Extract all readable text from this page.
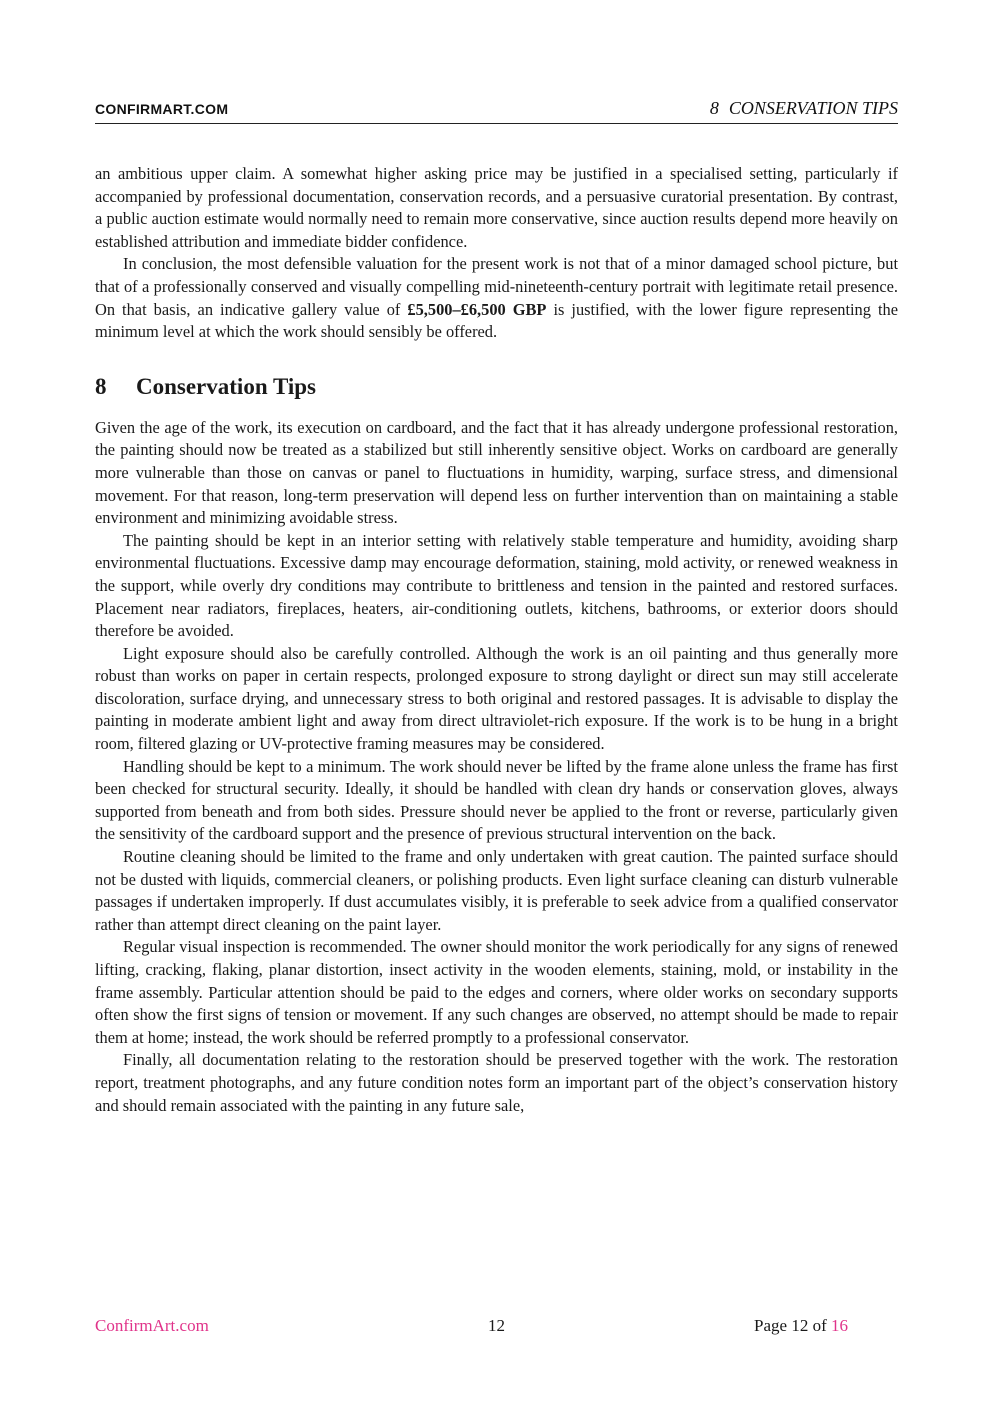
CONFIRMART.COM	8 CONSERVATION TIPS

an ambitious upper claim. A somewhat higher asking price may be justified in a specialised setting, particularly if accompanied by professional documentation, conservation records, and a persuasive curatorial presentation. By contrast, a public auction estimate would normally need to remain more conservative, since auction results depend more heavily on established attribution and immediate bidder confidence.

In conclusion, the most defensible valuation for the present work is not that of a minor damaged school picture, but that of a professionally conserved and visually compelling mid-nineteenth-century portrait with legitimate retail presence. On that basis, an indicative gallery value of £5,500–£6,500 GBP is justified, with the lower figure representing the minimum level at which the work should sensibly be offered.

8 Conservation Tips

Given the age of the work, its execution on cardboard, and the fact that it has already undergone professional restoration, the painting should now be treated as a stabilized but still inherently sensitive object. Works on cardboard are generally more vulnerable than those on canvas or panel to fluctuations in humidity, warping, surface stress, and dimensional movement. For that reason, long-term preservation will depend less on further intervention than on maintaining a stable environment and minimizing avoidable stress.

The painting should be kept in an interior setting with relatively stable temperature and humidity, avoiding sharp environmental fluctuations. Excessive damp may encourage deformation, staining, mold activity, or renewed weakness in the support, while overly dry conditions may contribute to brittleness and tension in the painted and restored surfaces. Placement near radiators, fireplaces, heaters, air-conditioning outlets, kitchens, bathrooms, or exterior doors should therefore be avoided.

Light exposure should also be carefully controlled. Although the work is an oil painting and thus generally more robust than works on paper in certain respects, prolonged exposure to strong daylight or direct sun may still accelerate discoloration, surface drying, and unnecessary stress to both original and restored passages. It is advisable to display the painting in moderate ambient light and away from direct ultraviolet-rich exposure. If the work is to be hung in a bright room, filtered glazing or UV-protective framing measures may be considered.

Handling should be kept to a minimum. The work should never be lifted by the frame alone unless the frame has first been checked for structural security. Ideally, it should be handled with clean dry hands or conservation gloves, always supported from beneath and from both sides. Pressure should never be applied to the front or reverse, particularly given the sensitivity of the cardboard support and the presence of previous structural intervention on the back.

Routine cleaning should be limited to the frame and only undertaken with great caution. The painted surface should not be dusted with liquids, commercial cleaners, or polishing products. Even light surface cleaning can disturb vulnerable passages if undertaken improperly. If dust accumulates visibly, it is preferable to seek advice from a qualified conservator rather than attempt direct cleaning on the paint layer.

Regular visual inspection is recommended. The owner should monitor the work periodically for any signs of renewed lifting, cracking, flaking, planar distortion, insect activity in the wooden elements, staining, mold, or instability in the frame assembly. Particular attention should be paid to the edges and corners, where older works on secondary supports often show the first signs of tension or movement. If any such changes are observed, no attempt should be made to repair them at home; instead, the work should be referred promptly to a professional conservator.

Finally, all documentation relating to the restoration should be preserved together with the work. The restoration report, treatment photographs, and any future condition notes form an important part of the object’s conservation history and should remain associated with the painting in any future sale,

ConfirmArt.com	12	Page 12 of 16
